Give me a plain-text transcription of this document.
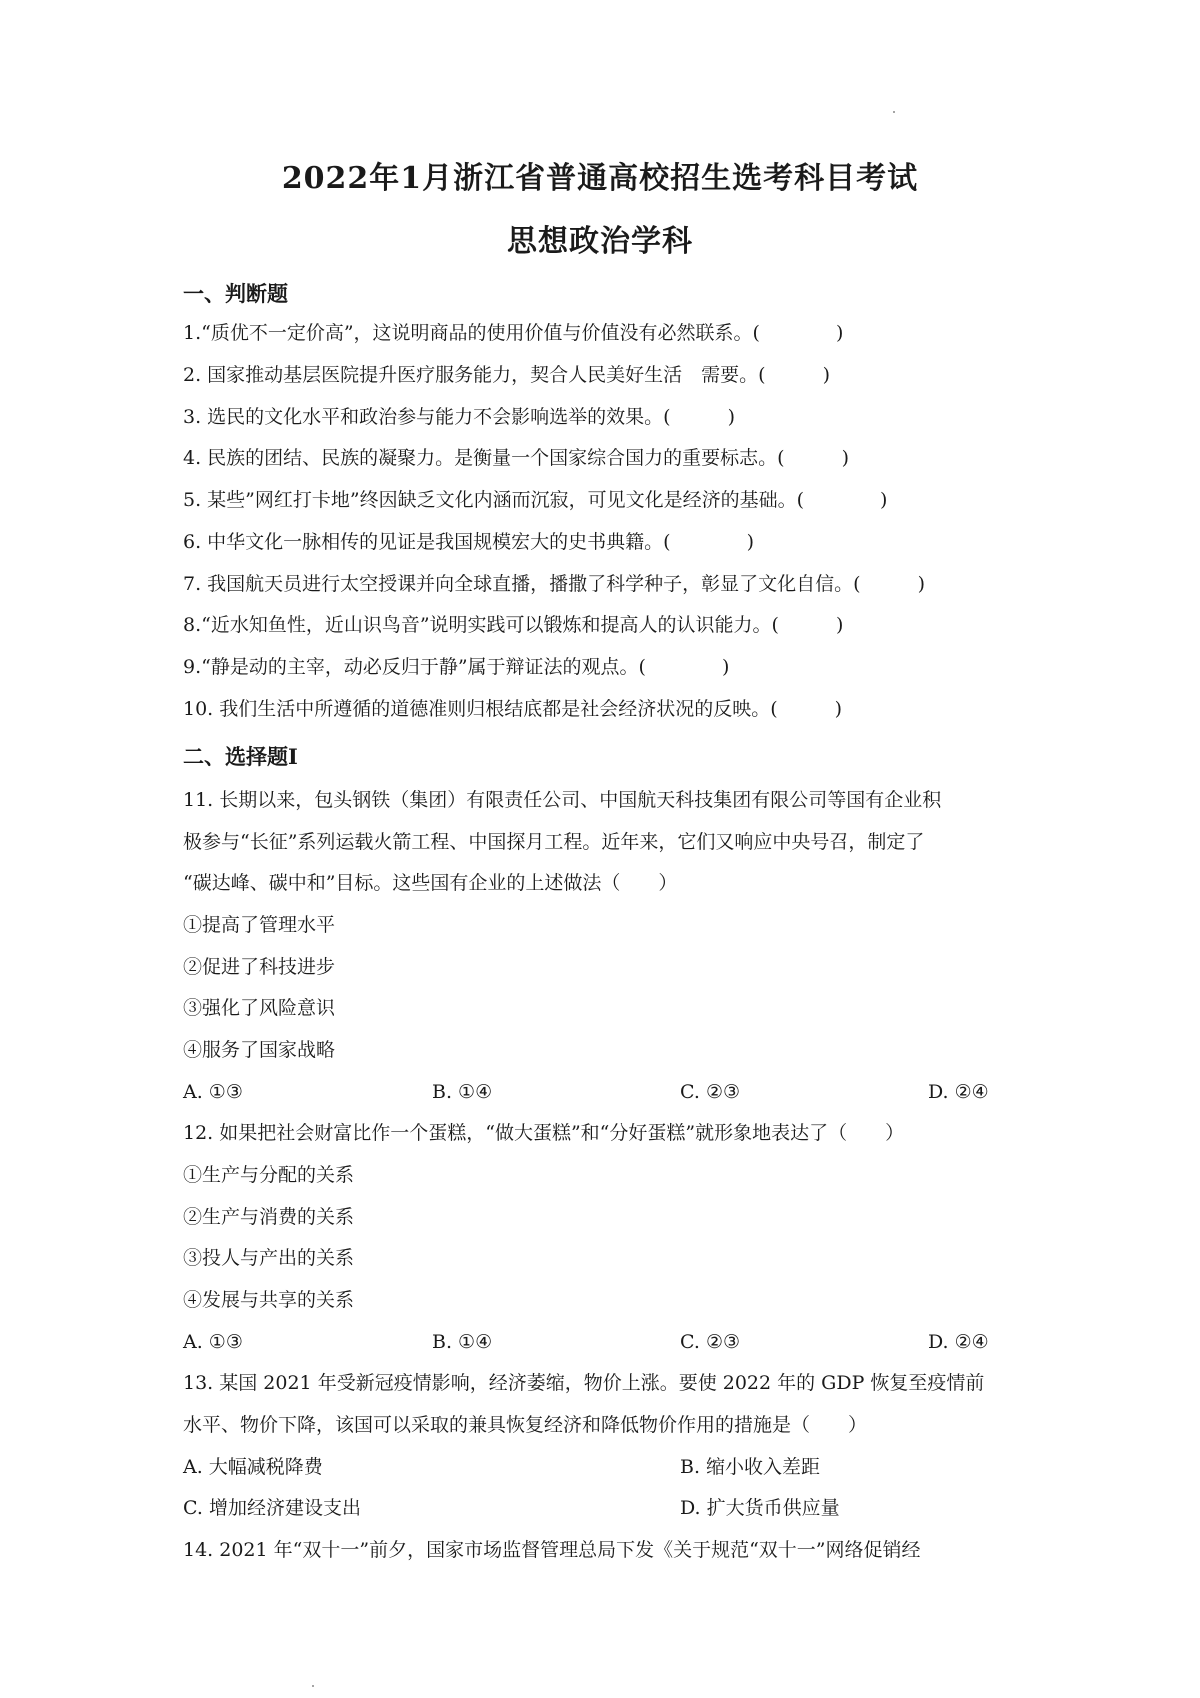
2022年1月浙江省普通高校招生选考科目考试
思想政治学科
一、判断题
1.“质优不一定价高”，这说明商品的使用价值与价值没有必然联系。(　　　　)
2. 国家推动基层医院提升医疗服务能力，契合人民美好生活　需要。(　　　)
3. 选民的文化水平和政治参与能力不会影响选举的效果。(　　　)
4. 民族的团结、民族的凝聚力。是衡量一个国家综合国力的重要标志。(　　　)
5. 某些”网红打卡地”终因缺乏文化内涵而沉寂，可见文化是经济的基础。(　　　　)
6. 中华文化一脉相传的见证是我国规模宏大的史书典籍。(　　　　)
7. 我国航天员进行太空授课并向全球直播，播撒了科学种子，彰显了文化自信。(　　　)
8.“近水知鱼性，近山识鸟音”说明实践可以锻炼和提高人的认识能力。(　　　)
9.“静是动的主宰，动必反归于静”属于辩证法的观点。(　　　　)
10. 我们生活中所遵循的道德准则归根结底都是社会经济状况的反映。(　　　)
二、选择题Ⅰ
11. 长期以来，包头钢铁（集团）有限责任公司、中国航天科技集团有限公司等国有企业积
极参与“长征”系列运载火箭工程、中国探月工程。近年来，它们又响应中央号召，制定了
“碳达峰、碳中和”目标。这些国有企业的上述做法（　　）
①提高了管理水平
②促进了科技进步
③强化了风险意识
④服务了国家战略
A. ①③	B. ①④	C. ②③	D. ②④
12. 如果把社会财富比作一个蛋糕，“做大蛋糕”和“分好蛋糕”就形象地表达了（　　）
①生产与分配的关系
②生产与消费的关系
③投人与产出的关系
④发展与共享的关系
A. ①③	B. ①④	C. ②③	D. ②④
13. 某国 2021 年受新冠疫情影响，经济萎缩，物价上涨。要使 2022 年的 GDP 恢复至疫情前
水平、物价下降，该国可以采取的兼具恢复经济和降低物价作用的措施是（　　）
A. 大幅减税降费	B. 缩小收入差距
C. 增加经济建设支出	D. 扩大货币供应量
14. 2021 年“双十一”前夕，国家市场监督管理总局下发《关于规范“双十一”网络促销经
